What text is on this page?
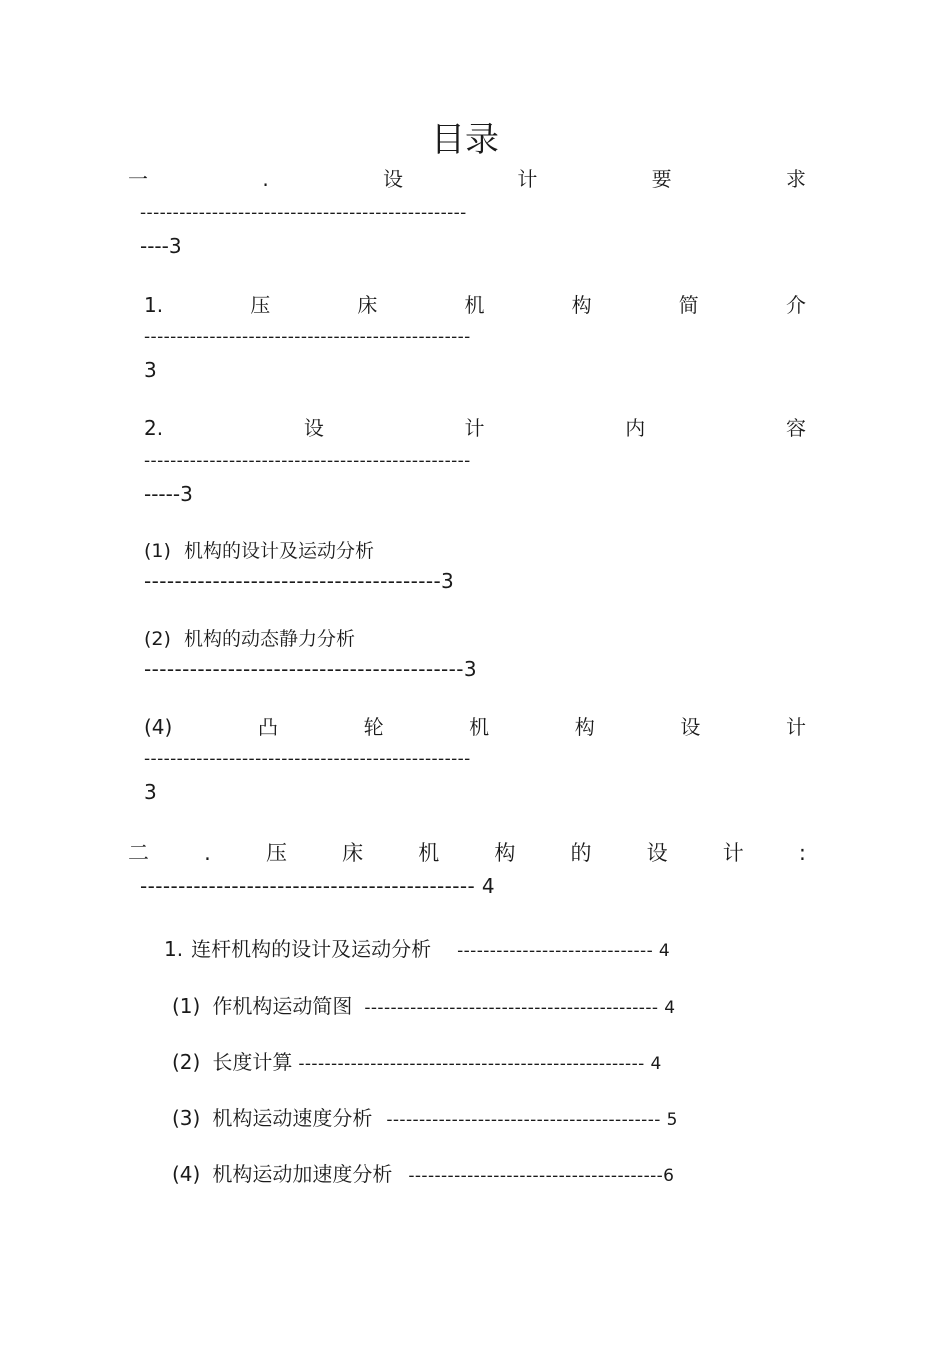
目录
一	.	设	计	要	求
--------------------------------------------------
----3
1.	压	床	机	构	简	介
--------------------------------------------------
3
2.	设	计	内	容
--------------------------------------------------
-----3
(1) 机构的设计及运动分析
---------------------------------------3
(2) 机构的动态静力分析
------------------------------------------3
(4)	凸	轮	机	构	设	计
--------------------------------------------------
3
二	.	压	床	机	构	的	设	计	:
-------------------------------------------- 4
1. 连杆机构的设计及运动分析 ------------------------------ 4
(1) 作机构运动简图 --------------------------------------------- 4
(2) 长度计算 ----------------------------------------------------- 4
(3) 机构运动速度分析 ------------------------------------------ 5
(4) 机构运动加速度分析 ---------------------------------------6
